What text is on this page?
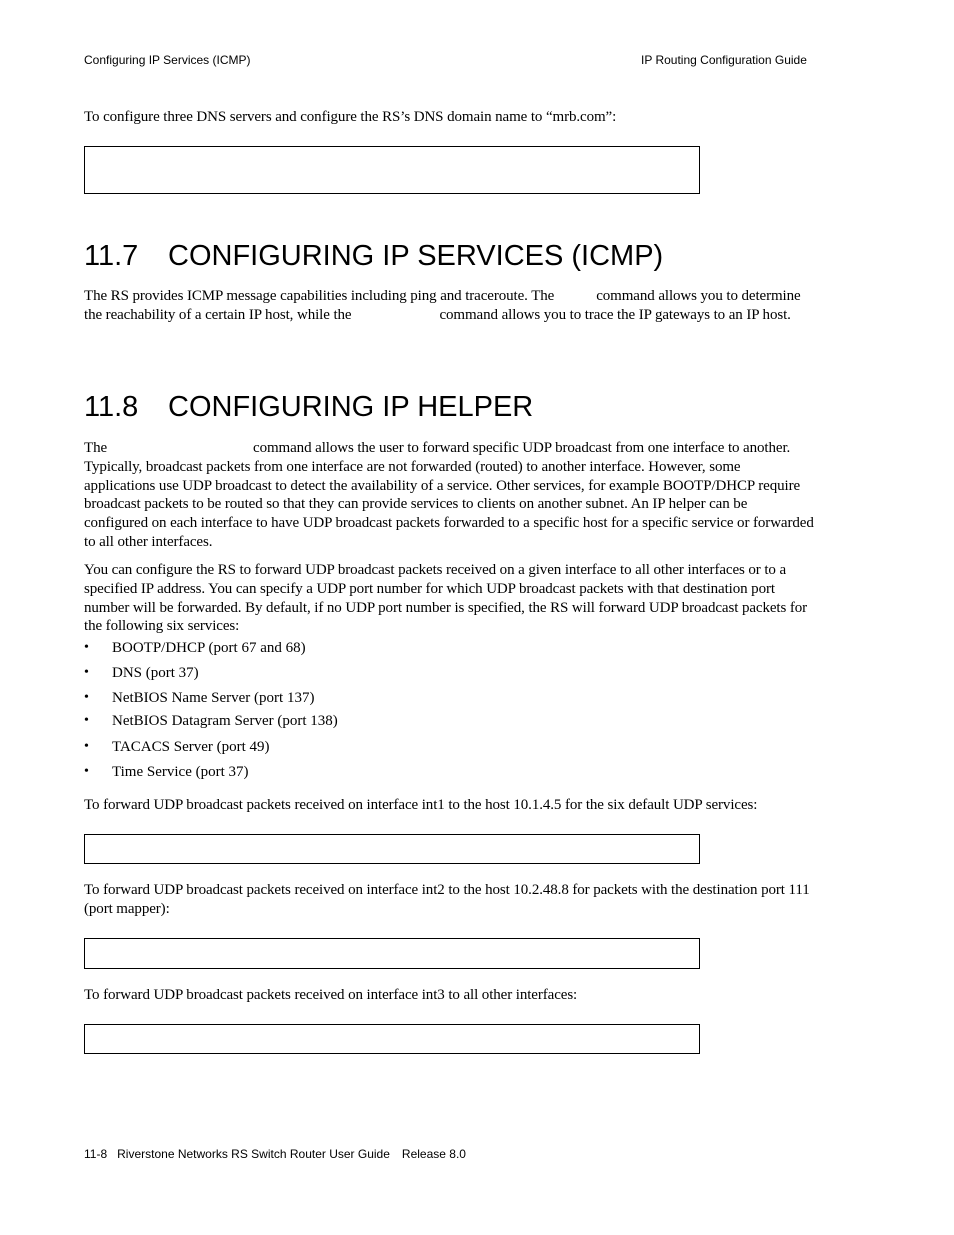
Configuring IP Services (ICMP)	IP Routing Configuration Guide
To configure three DNS servers and configure the RS’s DNS domain name to “mrb.com”:
11.7 CONFIGURING IP SERVICES (ICMP)
The RS provides ICMP message capabilities including ping and traceroute. The	command allows you to determine the reachability of a certain IP host, while the	command allows you to trace the IP gateways to an IP host.
11.8 CONFIGURING IP HELPER
The	command allows the user to forward specific UDP broadcast from one interface to another. Typically, broadcast packets from one interface are not forwarded (routed) to another interface. However, some applications use UDP broadcast to detect the availability of a service. Other services, for example BOOTP/DHCP require broadcast packets to be routed so that they can provide services to clients on another subnet. An IP helper can be configured on each interface to have UDP broadcast packets forwarded to a specific host for a specific service or forwarded to all other interfaces.
You can configure the RS to forward UDP broadcast packets received on a given interface to all other interfaces or to a specified IP address. You can specify a UDP port number for which UDP broadcast packets with that destination port number will be forwarded. By default, if no UDP port number is specified, the RS will forward UDP broadcast packets for the following six services:
• BOOTP/DHCP (port 67 and 68)
• DNS (port 37)
• NetBIOS Name Server (port 137)
• NetBIOS Datagram Server (port 138)
• TACACS Server (port 49)
• Time Service (port 37)
To forward UDP broadcast packets received on interface int1 to the host 10.1.4.5 for the six default UDP services:
To forward UDP broadcast packets received on interface int2 to the host 10.2.48.8 for packets with the destination port 111 (port mapper):
To forward UDP broadcast packets received on interface int3 to all other interfaces:
11-8 Riverstone Networks RS Switch Router User Guide Release 8.0
